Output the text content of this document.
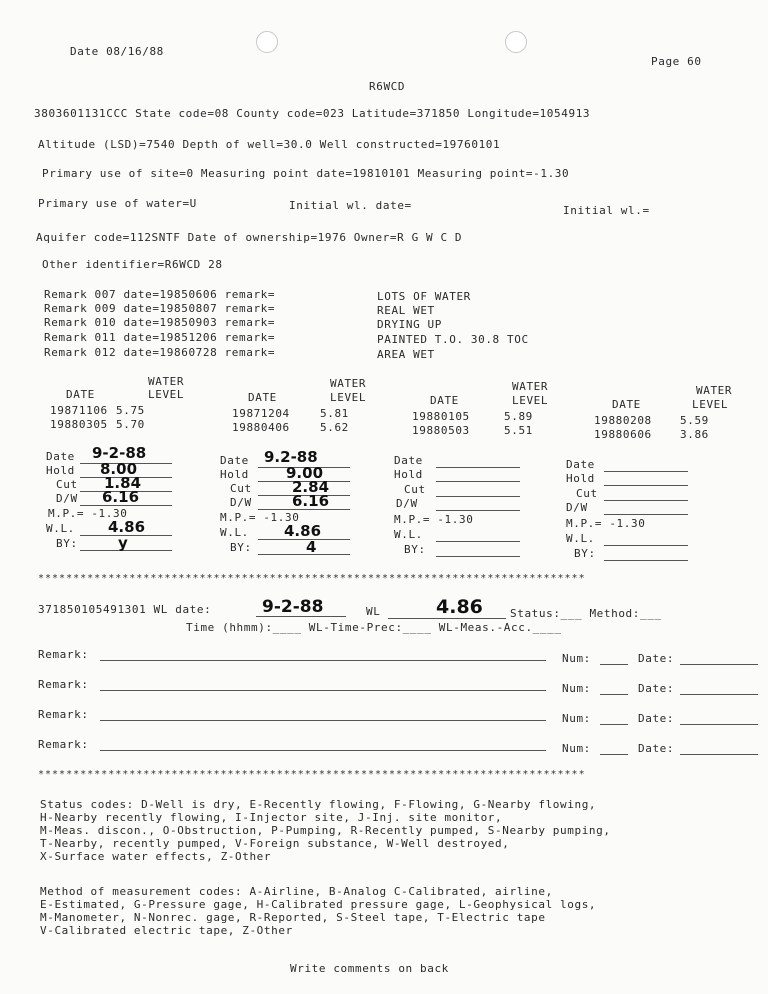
Date 08/16/88
Page 60
R6WCD
3803601131CCC State code=08 County code=023 Latitude=371850 Longitude=1054913
Altitude (LSD)=7540 Depth of well=30.0 Well constructed=19760101
Primary use of site=0 Measuring point date=19810101 Measuring point=-1.30
Primary use of water=U	Initial wl. date=	Initial wl.=
Aquifer code=112SNTF Date of ownership=1976 Owner=R G W C D
Other identifier=R6WCD 28
Remark 007 date=19850606 remark=	LOTS OF WATER
Remark 009 date=19850807 remark=	REAL WET
Remark 010 date=19850903 remark=	DRYING UP
Remark 011 date=19851206 remark=	PAINTED T.O. 30.8 TOC
Remark 012 date=19860728 remark=	AREA WET
WATER
DATE	LEVEL
19871106 5.75
19880305 5.70
WATER
DATE	LEVEL
19871204	5.81
19880406	5.62
WATER
DATE	LEVEL
19880105	5.89
19880503	5.51
WATER
DATE	LEVEL
19880208	5.59
19880606	3.86
Date 9-2-88
Hold 8.00
Cut 1.84
D/W 6.16
M.P.= -1.30
W.L. 4.86
BY:	y
Date 9.2-88
Hold 9.00
Cut	2.84
D/W	6.16
M.P.= -1.30
W.L. 4.86
BY:	4
Date
Hold
Cut
D/W
M.P.= -1.30
W.L.
BY:
Date
Hold
Cut
D/W
M.P.= -1.30
W.L.
BY:
******************************************************************************
371850105491301 WL date:	9-2-88	WL	4.86 Status:___ Method:___
Time (hhmm):____ WL-Time-Prec:____ WL-Meas.-Acc.____
Remark:	Num:	Date:
Remark:	Num:	Date:
Remark:	Num:	Date:
Remark:	Num:	Date:
******************************************************************************
Status codes: D-Well is dry, E-Recently flowing, F-Flowing, G-Nearby flowing,
H-Nearby recently flowing, I-Injector site, J-Inj. site monitor,
M-Meas. discon., O-Obstruction, P-Pumping, R-Recently pumped, S-Nearby pumping,
T-Nearby, recently pumped, V-Foreign substance, W-Well destroyed,
X-Surface water effects, Z-Other
Method of measurement codes: A-Airline, B-Analog C-Calibrated, airline,
E-Estimated, G-Pressure gage, H-Calibrated pressure gage, L-Geophysical logs,
M-Manometer, N-Nonrec. gage, R-Reported, S-Steel tape, T-Electric tape
V-Calibrated electric tape, Z-Other
Write comments on back
